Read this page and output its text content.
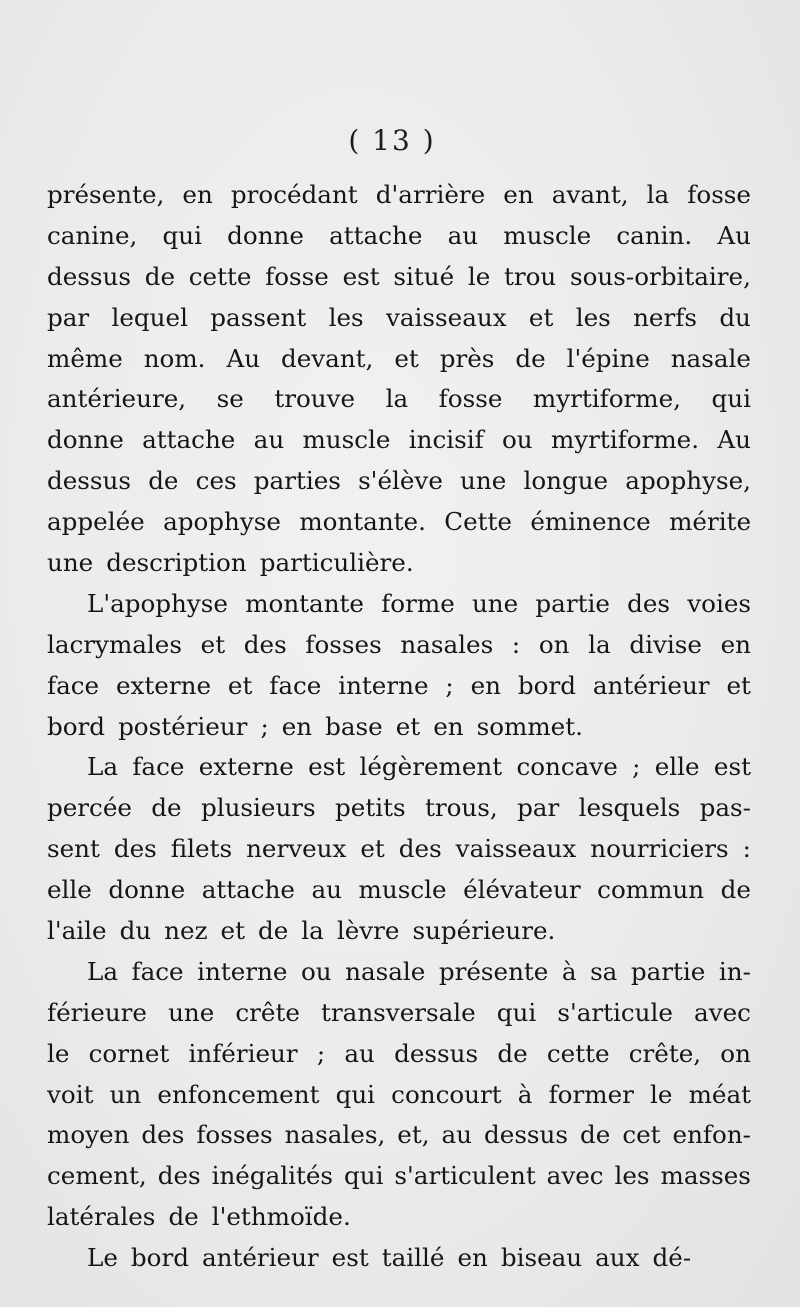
( 13 )
présente, en procédant d'arrière en avant, la fosse
canine, qui donne attache au muscle canin. Au
dessus de cette fosse est situé le trou sous-orbitaire,
par lequel passent les vaisseaux et les nerfs du
même nom. Au devant, et près de l'épine nasale
antérieure, se trouve la fosse myrtiforme, qui
donne attache au muscle incisif ou myrtiforme. Au
dessus de ces parties s'élève une longue apophyse,
appelée apophyse montante. Cette éminence mérite
une description particulière.
L'apophyse montante forme une partie des voies
lacrymales et des fosses nasales : on la divise en
face externe et face interne ; en bord antérieur et
bord postérieur ; en base et en sommet.
La face externe est légèrement concave ; elle est
percée de plusieurs petits trous, par lesquels pas-
sent des filets nerveux et des vaisseaux nourriciers :
elle donne attache au muscle élévateur commun de
l'aile du nez et de la lèvre supérieure.
La face interne ou nasale présente à sa partie in-
férieure une crête transversale qui s'articule avec
le cornet inférieur ; au dessus de cette crête, on
voit un enfoncement qui concourt à former le méat
moyen des fosses nasales, et, au dessus de cet enfon-
cement, des inégalités qui s'articulent avec les masses
latérales de l'ethmoïde.
Le bord antérieur est taillé en biseau aux dé-
